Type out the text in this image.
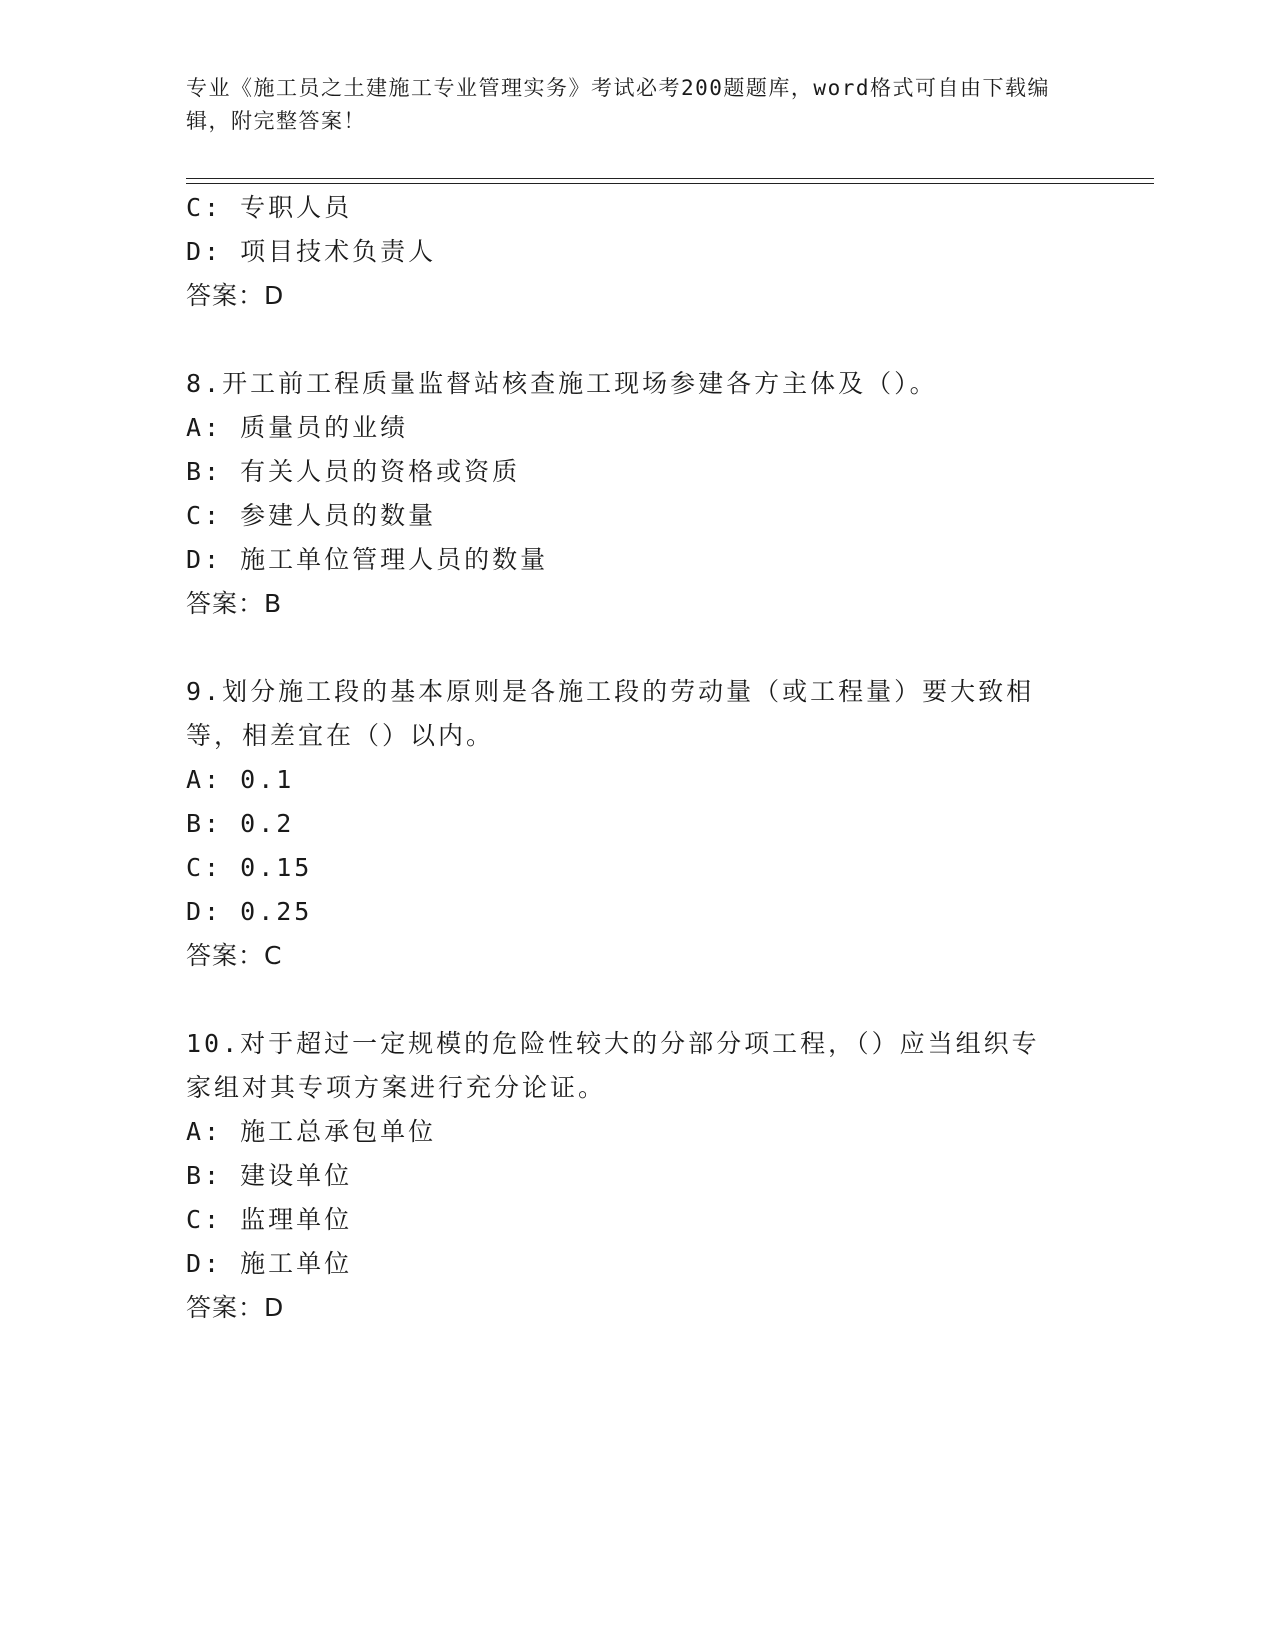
专业《施工员之土建施工专业管理实务》考试必考200题题库，word格式可自由下载编辑，附完整答案！
C: 专职人员
D: 项目技术负责人
答案：D
8.开工前工程质量监督站核查施工现场参建各方主体及（）。
A: 质量员的业绩
B: 有关人员的资格或资质
C: 参建人员的数量
D: 施工单位管理人员的数量
答案：B
9.划分施工段的基本原则是各施工段的劳动量（或工程量）要大致相
等，相差宜在（）以内。
A: 0.1
B: 0.2
C: 0.15
D: 0.25
答案：C
10.对于超过一定规模的危险性较大的分部分项工程，（）应当组织专
家组对其专项方案进行充分论证。
A: 施工总承包单位
B: 建设单位
C: 监理单位
D: 施工单位
答案：D
